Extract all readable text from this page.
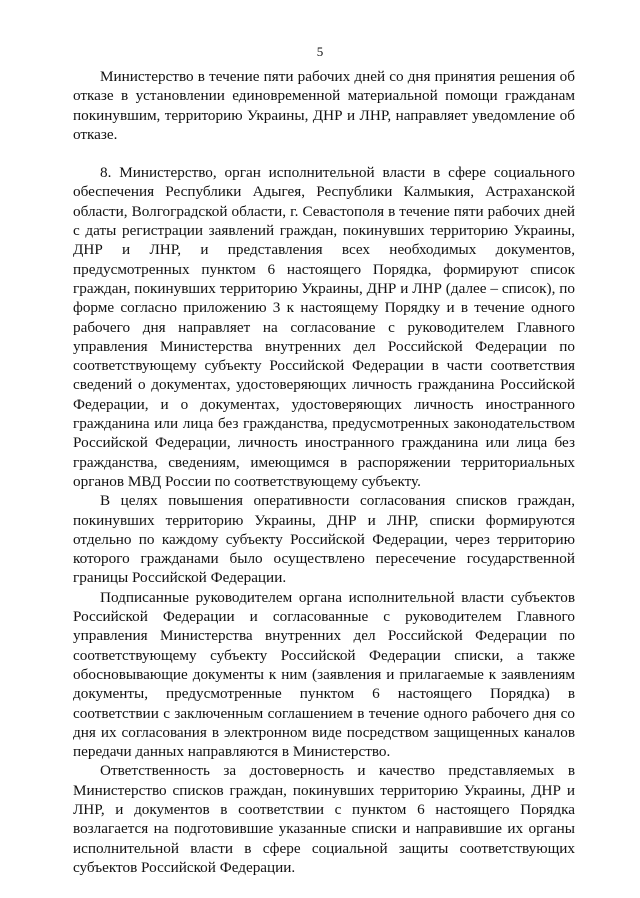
5

Министерство в течение пяти рабочих дней со дня принятия решения об отказе в установлении единовременной материальной помощи гражданам покинувшим, территорию Украины, ДНР и ЛНР, направляет уведомление об отказе.

8. Министерство, орган исполнительной власти в сфере социального обеспечения Республики Адыгея, Республики Калмыкия, Астраханской области, Волгоградской области, г. Севастополя в течение пяти рабочих дней с даты регистрации заявлений граждан, покинувших территорию Украины, ДНР и ЛНР, и представления всех необходимых документов, предусмотренных пунктом 6 настоящего Порядка, формируют список граждан, покинувших территорию Украины, ДНР и ЛНР (далее – список), по форме согласно приложению 3 к настоящему Порядку и в течение одного рабочего дня направляет на согласование с руководителем Главного управления Министерства внутренних дел Российской Федерации по соответствующему субъекту Российской Федерации в части соответствия сведений о документах, удостоверяющих личность гражданина Российской Федерации, и о документах, удостоверяющих личность иностранного гражданина или лица без гражданства, предусмотренных законодательством Российской Федерации, личность иностранного гражданина или лица без гражданства, сведениям, имеющимся в распоряжении территориальных органов МВД России по соответствующему субъекту.

В целях повышения оперативности согласования списков граждан, покинувших территорию Украины, ДНР и ЛНР, списки формируются отдельно по каждому субъекту Российской Федерации, через территорию которого гражданами было осуществлено пересечение государственной границы Российской Федерации.

Подписанные руководителем органа исполнительной власти субъектов Российской Федерации и согласованные с руководителем Главного управления Министерства внутренних дел Российской Федерации по соответствующему субъекту Российской Федерации списки, а также обосновывающие документы к ним (заявления и прилагаемые к заявлениям документы, предусмотренные пунктом 6 настоящего Порядка) в соответствии с заключенным соглашением в течение одного рабочего дня со дня их согласования в электронном виде посредством защищенных каналов передачи данных направляются в Министерство.

Ответственность за достоверность и качество представляемых в Министерство списков граждан, покинувших территорию Украины, ДНР и ЛНР, и документов в соответствии с пунктом 6 настоящего Порядка возлагается на подготовившие указанные списки и направившие их органы исполнительной власти в сфере социальной защиты соответствующих субъектов Российской Федерации.
